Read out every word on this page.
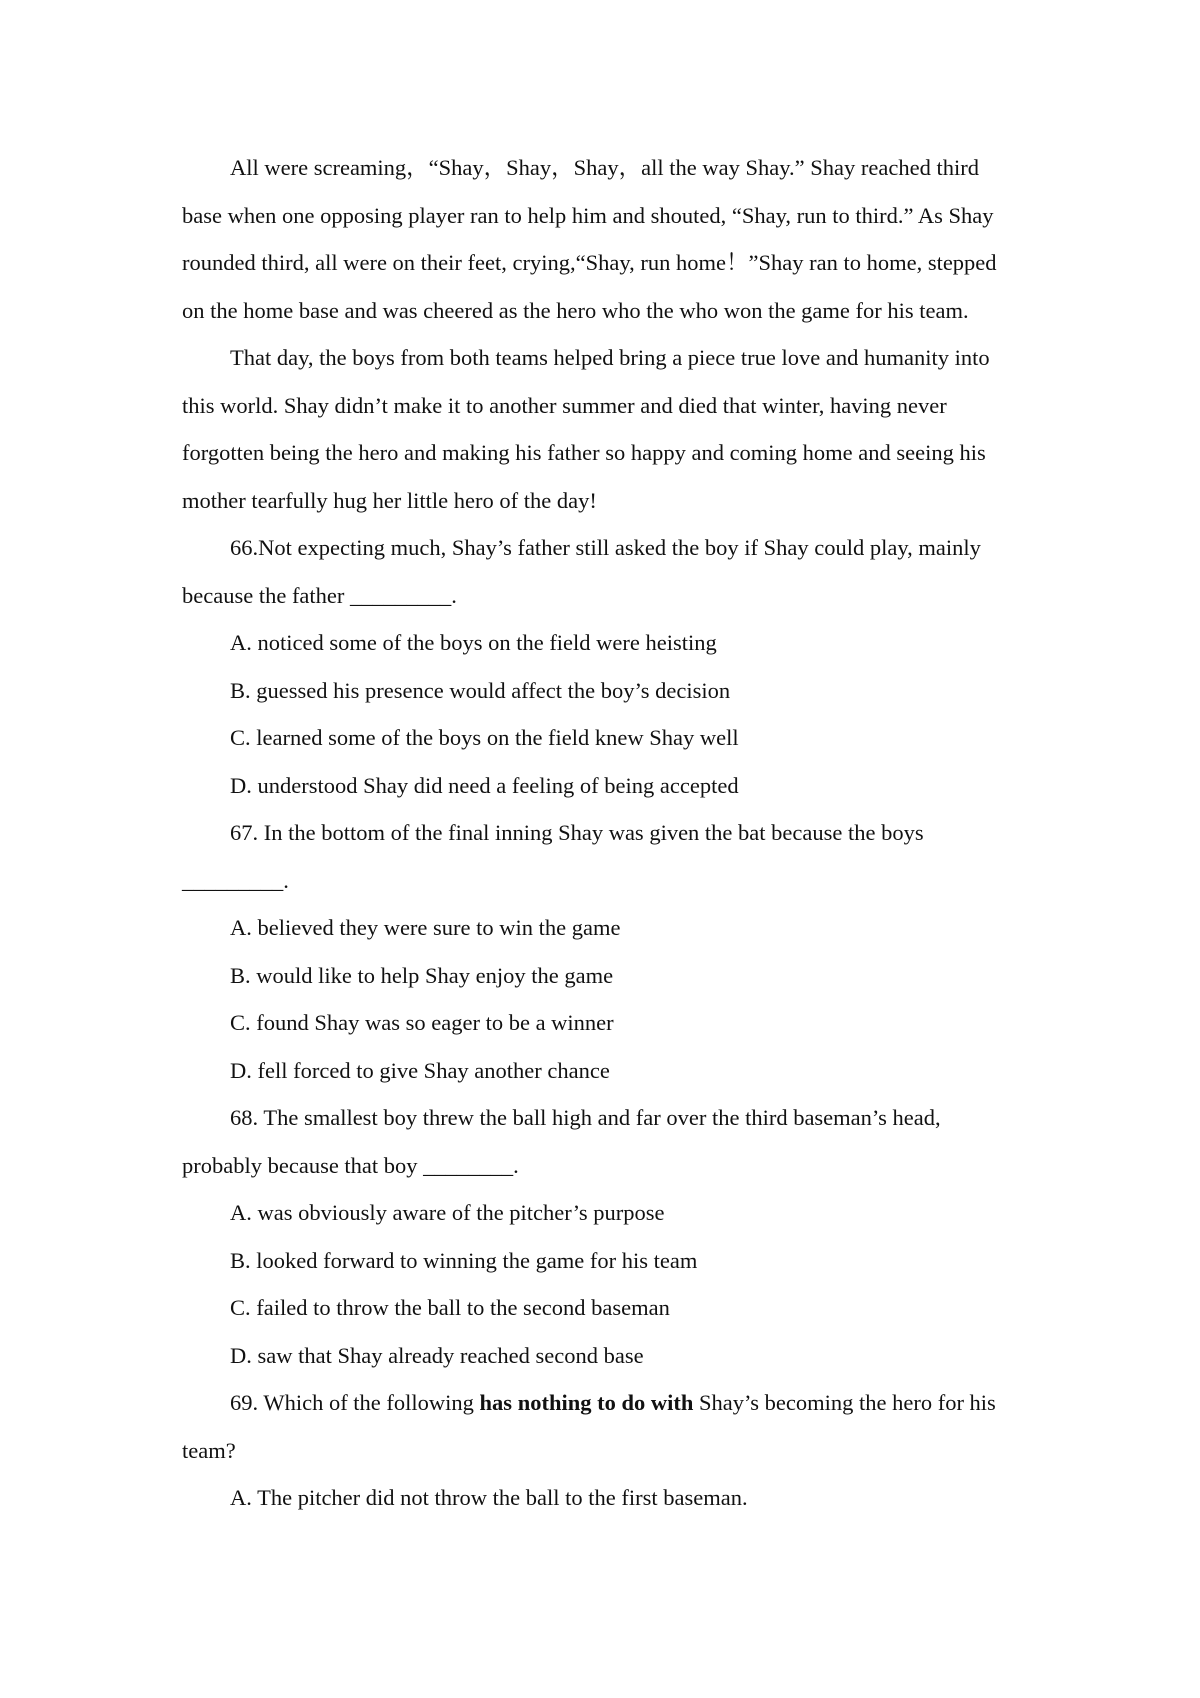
All were screaming，“Shay，Shay，Shay，all the way Shay.” Shay reached third base when one opposing player ran to help him and shouted, “Shay, run to third.” As Shay rounded third, all were on their feet, crying,“Shay, run home！”Shay ran to home, stepped on the home base and was cheered as the hero who the who won the game for his team.

That day, the boys from both teams helped bring a piece true love and humanity into this world. Shay didn’t make it to another summer and died that winter, having never forgotten being the hero and making his father so happy and coming home and seeing his mother tearfully hug her little hero of the day!

66.Not expecting much, Shay’s father still asked the boy if Shay could play, mainly because the father _________.

A. noticed some of the boys on the field were heisting

B. guessed his presence would affect the boy’s decision

C. learned some of the boys on the field knew Shay well

D. understood Shay did need a feeling of being accepted

67. In the bottom of the final inning Shay was given the bat because the boys

_________.

A. believed they were sure to win the game

B. would like to help Shay enjoy the game

C. found Shay was so eager to be a winner

D. fell forced to give Shay another chance

68. The smallest boy threw the ball high and far over the third baseman’s head, probably because that boy ________.

A. was obviously aware of the pitcher’s purpose

B. looked forward to winning the game for his team

C. failed to throw the ball to the second baseman

D. saw that Shay already reached second base

69. Which of the following has nothing to do with Shay’s becoming the hero for his team?

A. The pitcher did not throw the ball to the first baseman.
